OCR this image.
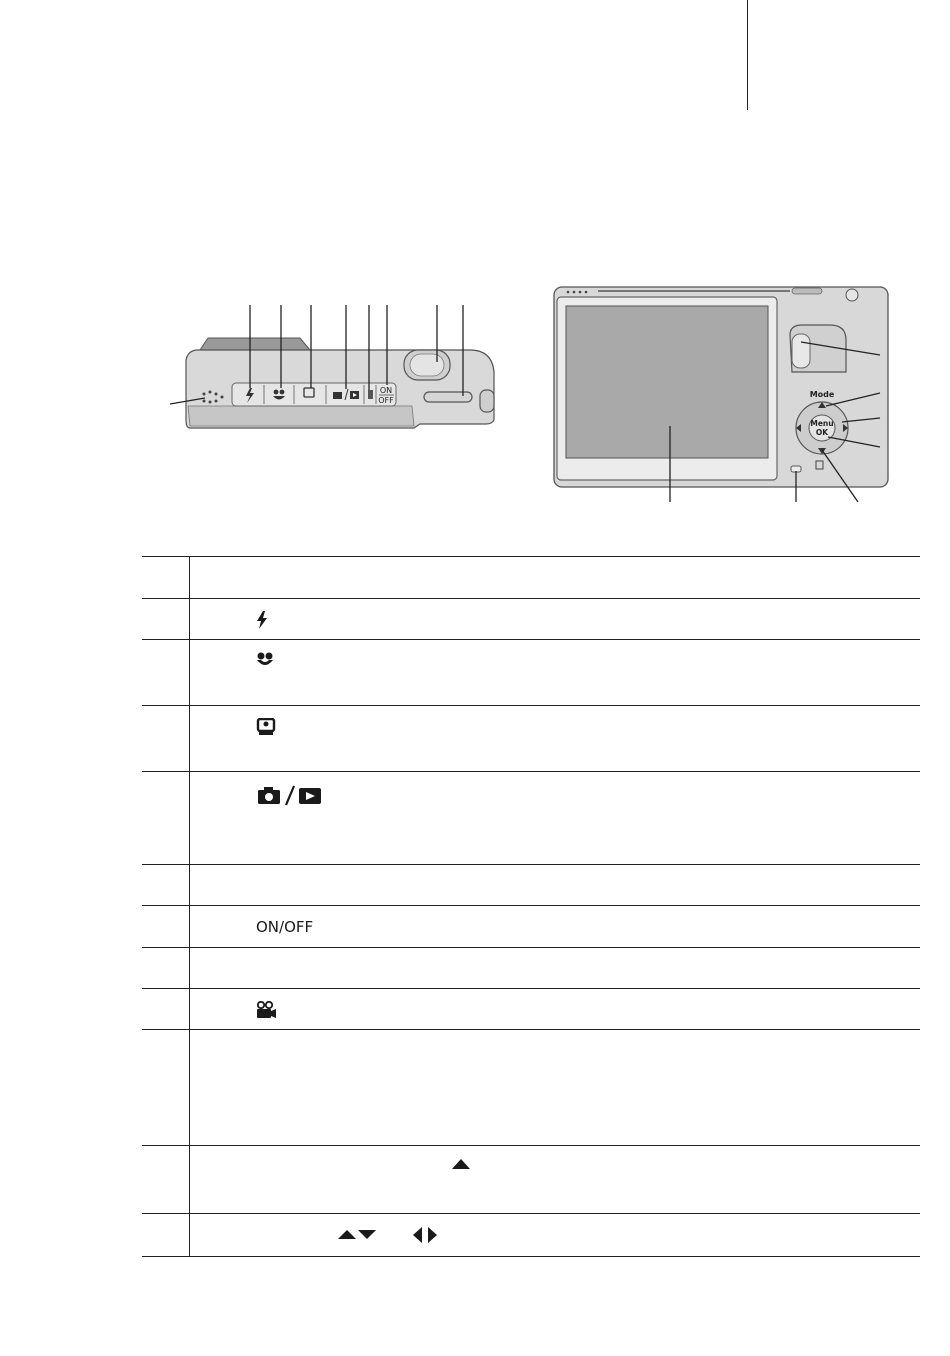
ON
OFF
Mode
Menu
OK

	ON/OFF
